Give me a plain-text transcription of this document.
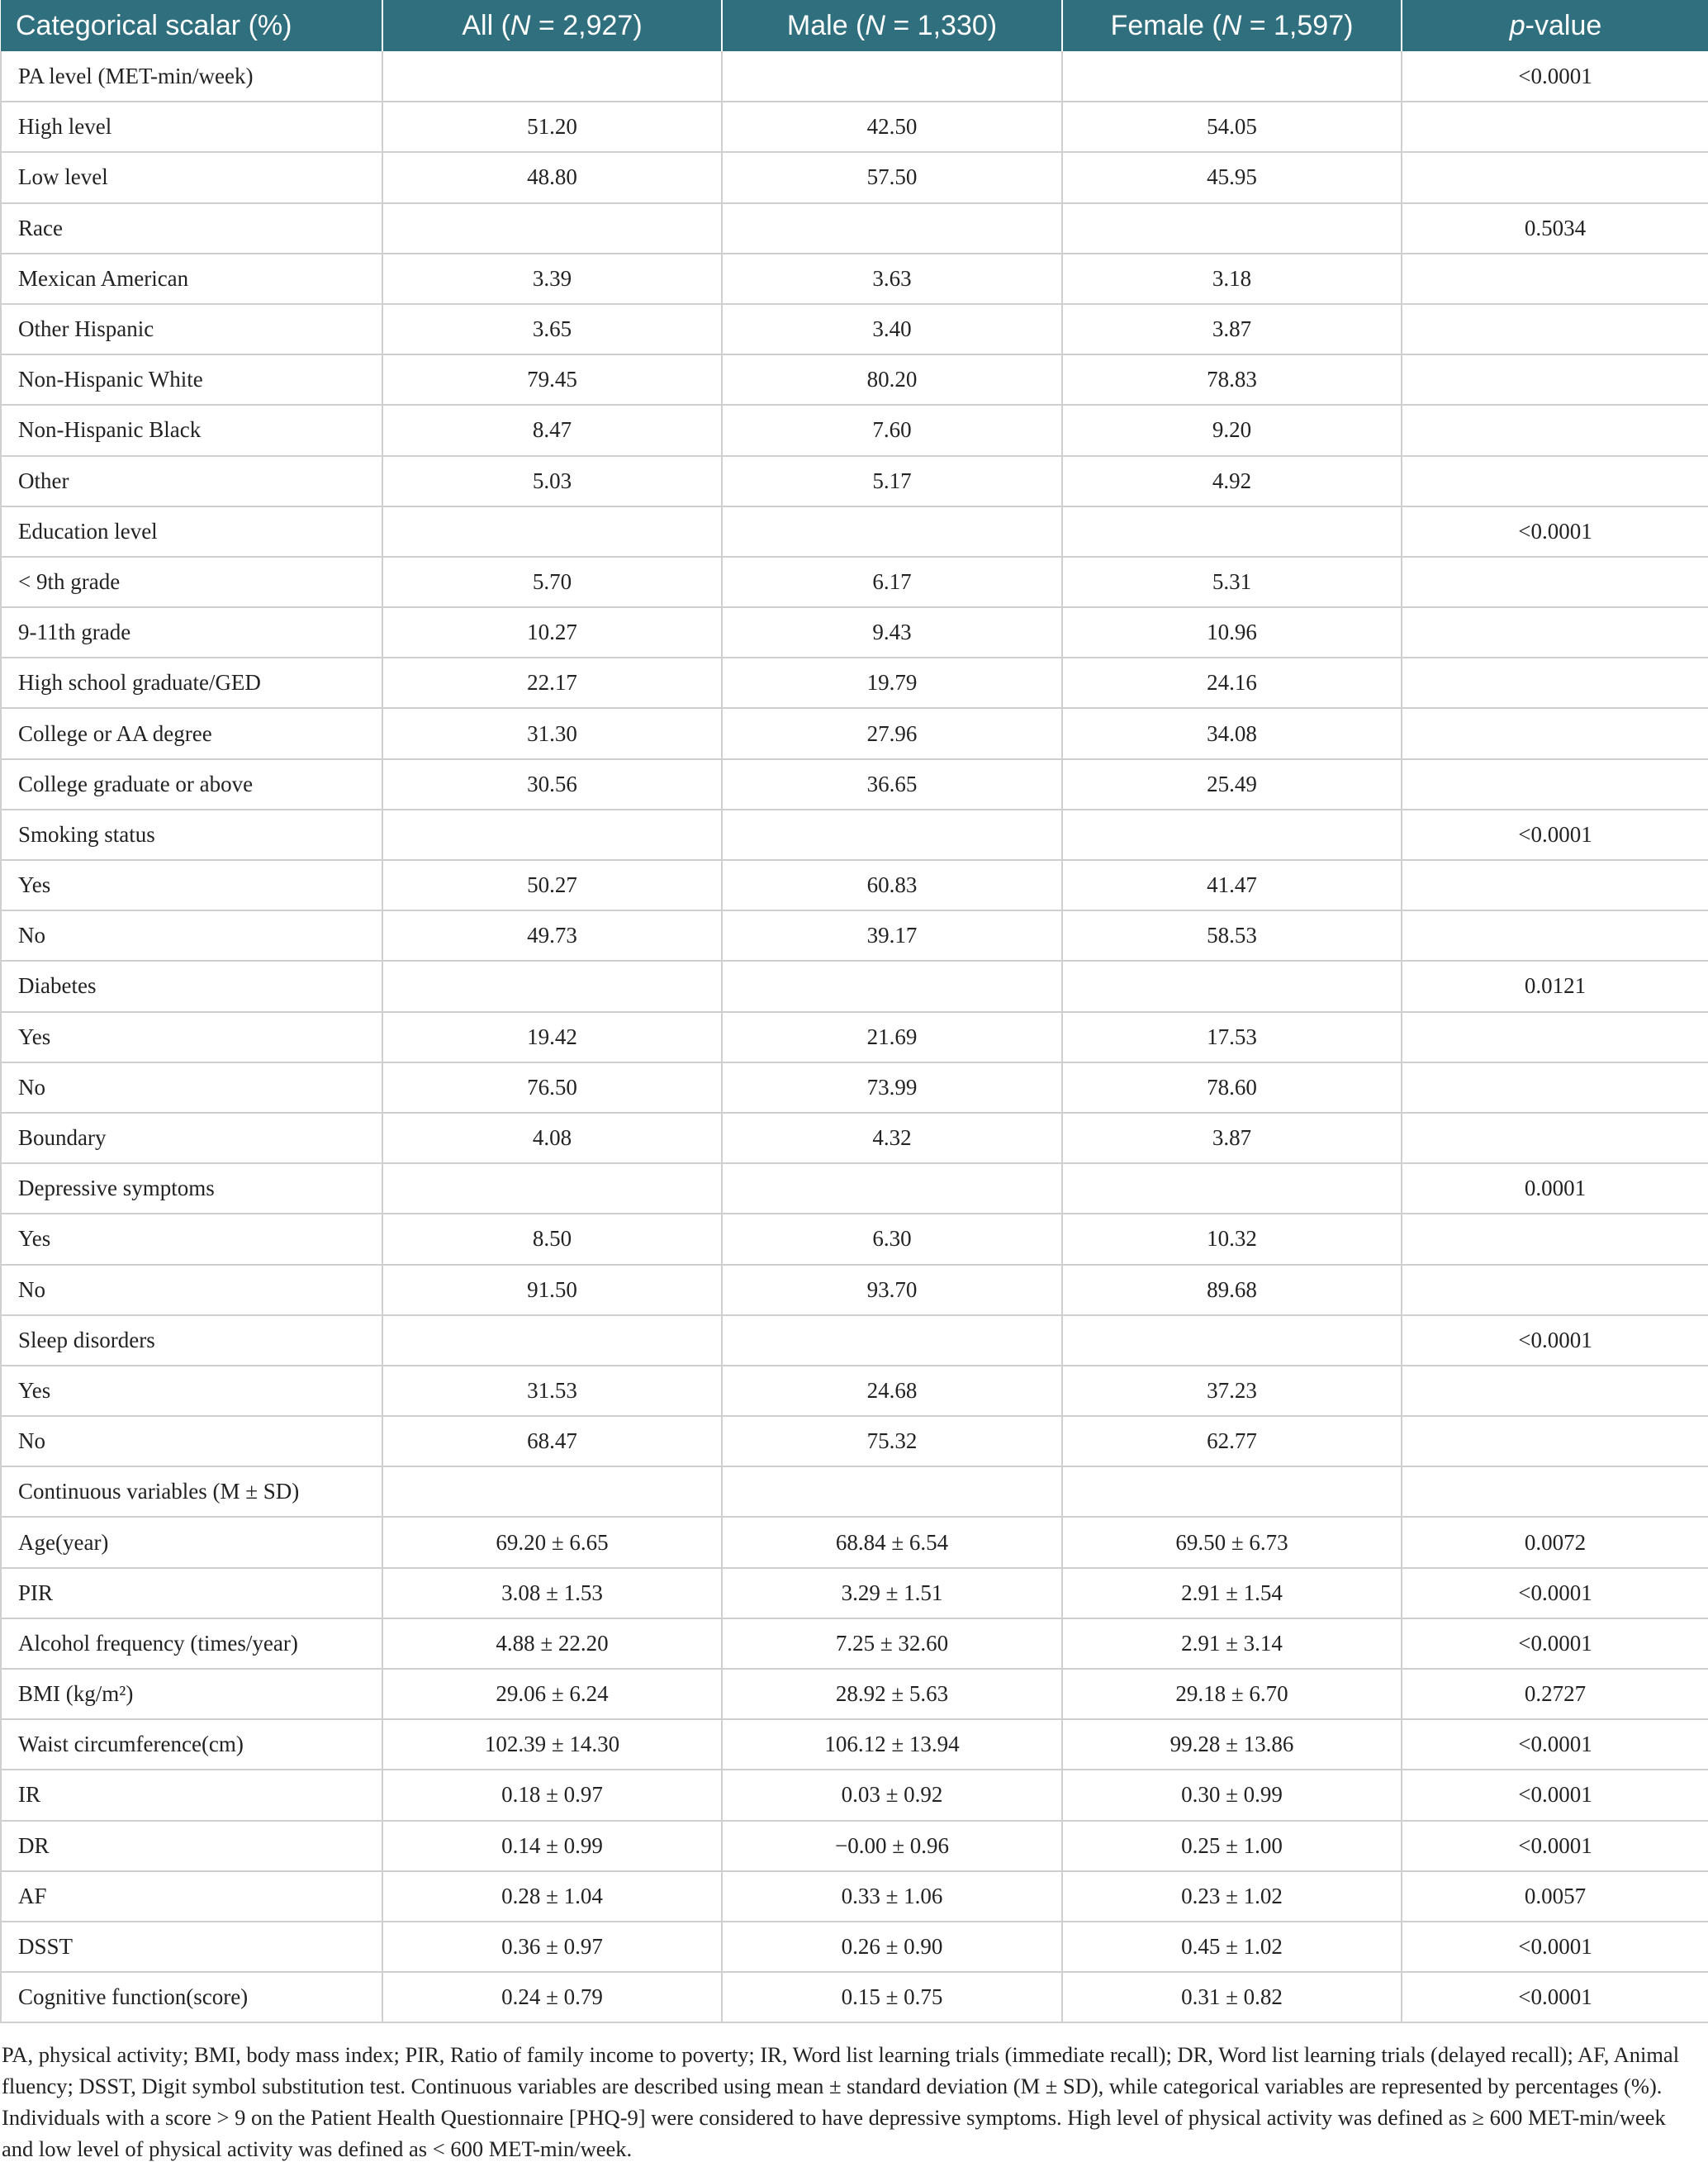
Categorical scalar (%)	All (N = 2,927)	Male (N = 1,330)	Female (N = 1,597)	p-value
PA level (MET-min/week)				<0.0001
High level	51.20	42.50	54.05	
Low level	48.80	57.50	45.95	
Race				0.5034
Mexican American	3.39	3.63	3.18	
Other Hispanic	3.65	3.40	3.87	
Non-Hispanic White	79.45	80.20	78.83	
Non-Hispanic Black	8.47	7.60	9.20	
Other	5.03	5.17	4.92	
Education level				<0.0001
< 9th grade	5.70	6.17	5.31	
9-11th grade	10.27	9.43	10.96	
High school graduate/GED	22.17	19.79	24.16	
College or AA degree	31.30	27.96	34.08	
College graduate or above	30.56	36.65	25.49	
Smoking status				<0.0001
Yes	50.27	60.83	41.47	
No	49.73	39.17	58.53	
Diabetes				0.0121
Yes	19.42	21.69	17.53	
No	76.50	73.99	78.60	
Boundary	4.08	4.32	3.87	
Depressive symptoms				0.0001
Yes	8.50	6.30	10.32	
No	91.50	93.70	89.68	
Sleep disorders				<0.0001
Yes	31.53	24.68	37.23	
No	68.47	75.32	62.77	
Continuous variables (M ± SD)				
Age(year)	69.20 ± 6.65	68.84 ± 6.54	69.50 ± 6.73	0.0072
PIR	3.08 ± 1.53	3.29 ± 1.51	2.91 ± 1.54	<0.0001
Alcohol frequency (times/year)	4.88 ± 22.20	7.25 ± 32.60	2.91 ± 3.14	<0.0001
BMI (kg/m²)	29.06 ± 6.24	28.92 ± 5.63	29.18 ± 6.70	0.2727
Waist circumference(cm)	102.39 ± 14.30	106.12 ± 13.94	99.28 ± 13.86	<0.0001
IR	0.18 ± 0.97	0.03 ± 0.92	0.30 ± 0.99	<0.0001
DR	0.14 ± 0.99	−0.00 ± 0.96	0.25 ± 1.00	<0.0001
AF	0.28 ± 1.04	0.33 ± 1.06	0.23 ± 1.02	0.0057
DSST	0.36 ± 0.97	0.26 ± 0.90	0.45 ± 1.02	<0.0001
Cognitive function(score)	0.24 ± 0.79	0.15 ± 0.75	0.31 ± 0.82	<0.0001

PA, physical activity; BMI, body mass index; PIR, Ratio of family income to poverty; IR, Word list learning trials (immediate recall); DR, Word list learning trials (delayed recall); AF, Animal fluency; DSST, Digit symbol substitution test. Continuous variables are described using mean ± standard deviation (M ± SD), while categorical variables are represented by percentages (%). Individuals with a score > 9 on the Patient Health Questionnaire [PHQ-9] were considered to have depressive symptoms. High level of physical activity was defined as ≥ 600 MET-min/week and low level of physical activity was defined as < 600 MET-min/week.
